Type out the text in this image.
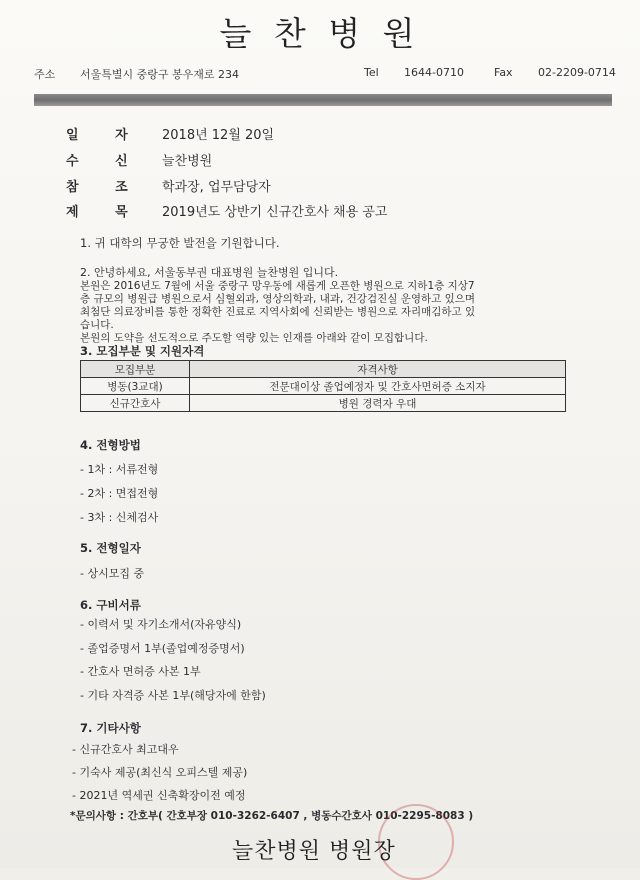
늘 찬 병 원
주소 서울특별시 중랑구 봉우재로 234	Tel 1644-0710	Fax 02-2209-0714
일 자 2018년 12월 20일
수 신 늘찬병원
참 조 학과장, 업무담당자
제 목 2019년도 상반기 신규간호사 채용 공고
1. 귀 대학의 무궁한 발전을 기원합니다.
2. 안녕하세요, 서울동부권 대표병원 늘찬병원 입니다.
본원은 2016년도 7월에 서울 중랑구 망우동에 새롭게 오픈한 병원으로 지하1층 지상7
층 규모의 병원급 병원으로서 심혈외과, 영상의학과, 내과, 건강검진실 운영하고 있으며
최첨단 의료장비를 통한 정확한 진료로 지역사회에 신뢰받는 병원으로 자리매김하고 있
습니다.
본원의 도약을 선도적으로 주도할 역량 있는 인재를 아래와 같이 모집합니다.
3. 모집부분 및 지원자격
모집부분	자격사항
병동(3교대)	전문대이상 졸업예정자 및 간호사면허증 소지자
신규간호사	병원 경력자 우대
4. 전형방법
- 1차 : 서류전형
- 2차 : 면접전형
- 3차 : 신체검사
5. 전형일자
- 상시모집 중
6. 구비서류
- 이력서 및 자기소개서(자유양식)
- 졸업증명서 1부(졸업예정증명서)
- 간호사 면허증 사본 1부
- 기타 자격증 사본 1부(해당자에 한함)
7. 기타사항
- 신규간호사 최고대우
- 기숙사 제공(최신식 오피스텔 제공)
- 2021년 역세권 신축확장이전 예정
*문의사항 : 간호부( 간호부장 010-3262-6407 , 병동수간호사 010-2295-8083 )
늘찬병원 병원장
